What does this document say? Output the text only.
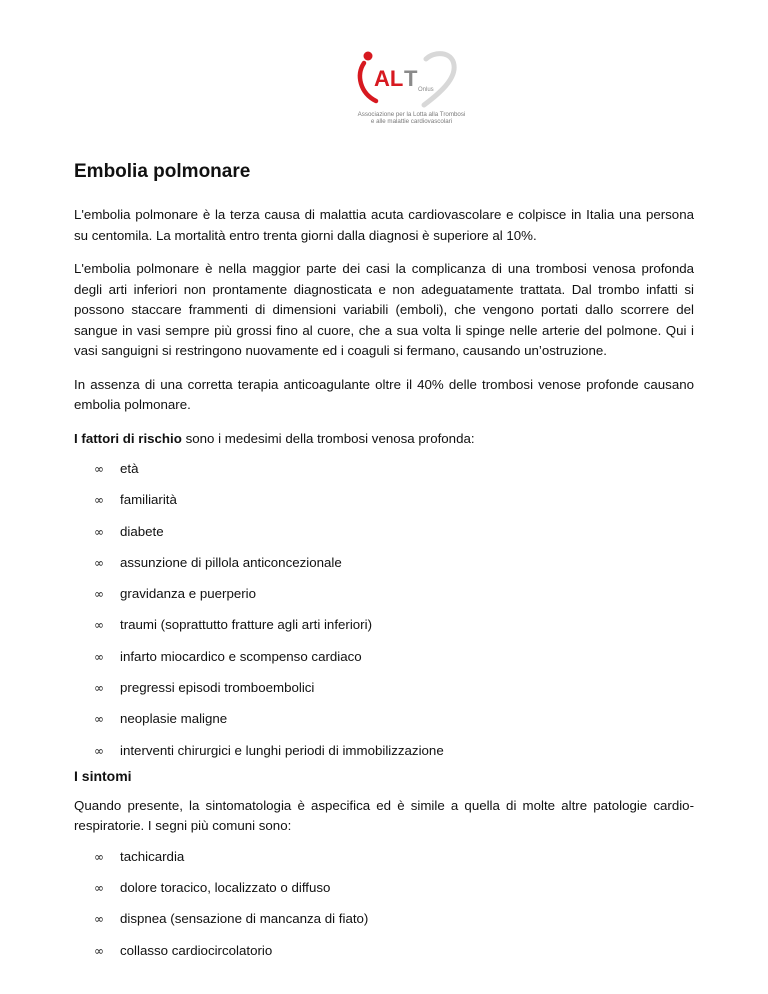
AL T Onlus
Associazione per la Lotta alla Trombosi
e alle malattie cardiovascolari
Embolia polmonare

L'embolia polmonare è la terza causa di malattia acuta cardiovascolare e colpisce in Italia una persona su centomila. La mortalità entro trenta giorni dalla diagnosi è superiore al 10%.

L'embolia polmonare è nella maggior parte dei casi la complicanza di una trombosi venosa profonda degli arti inferiori non prontamente diagnosticata e non adeguatamente trattata. Dal trombo infatti si possono staccare frammenti di dimensioni variabili (emboli), che vengono portati dallo scorrere del sangue in vasi sempre più grossi fino al cuore, che a sua volta li spinge nelle arterie del polmone. Qui i vasi sanguigni si restringono nuovamente ed i coaguli si fermano, causando un’ostruzione.

In assenza di una corretta terapia anticoagulante oltre il 40% delle trombosi venose profonde causano embolia polmonare.

I fattori di rischio sono i medesimi della trombosi venosa profonda:

∞ età
∞ familiarità
∞ diabete
∞ assunzione di pillola anticoncezionale
∞ gravidanza e puerperio
∞ traumi (soprattutto fratture agli arti inferiori)
∞ infarto miocardico e scompenso cardiaco
∞ pregressi episodi tromboembolici
∞ neoplasie maligne
∞ interventi chirurgici e lunghi periodi di immobilizzazione
I sintomi

Quando presente, la sintomatologia è aspecifica ed è simile a quella di molte altre patologie cardio-respiratorie. I segni più comuni sono:

∞ tachicardia
∞ dolore toracico, localizzato o diffuso
∞ dispnea (sensazione di mancanza di fiato)
∞ collasso cardiocircolatorio
